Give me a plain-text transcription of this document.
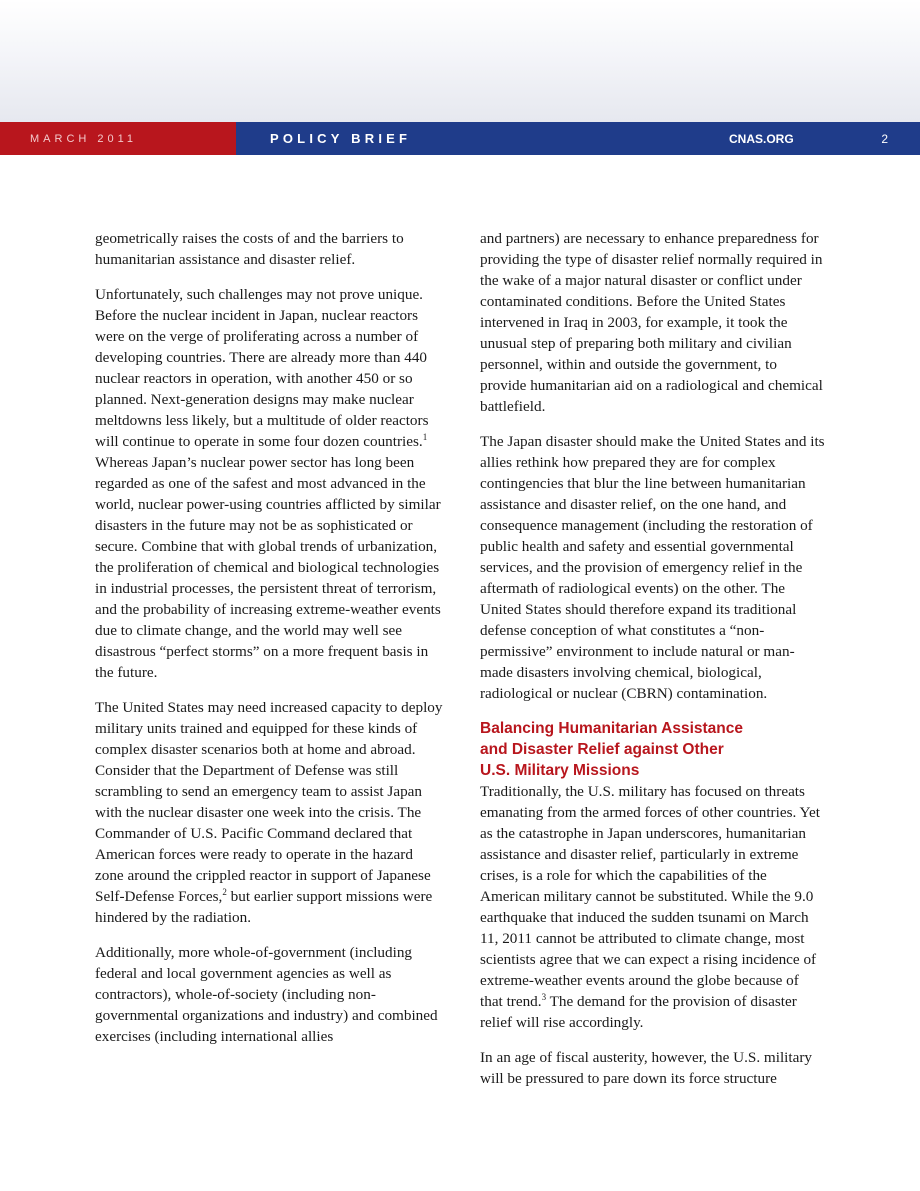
MARCH 2011	POLICY BRIEF	CNAS.ORG	2

geometrically raises the costs of and the barriers to humanitarian assistance and disaster relief.

Unfortunately, such challenges may not prove unique. Before the nuclear incident in Japan, nuclear reactors were on the verge of proliferating across a number of developing countries. There are already more than 440 nuclear reactors in operation, with another 450 or so planned. Next-generation designs may make nuclear meltdowns less likely, but a multitude of older reactors will continue to operate in some four dozen countries.$^1$ Whereas Japan’s nuclear power sector has long been regarded as one of the safest and most advanced in the world, nuclear power-using countries afflicted by similar disasters in the future may not be as sophisticated or secure. Combine that with global trends of urbanization, the proliferation of chemical and biological technologies in industrial processes, the persistent threat of terrorism, and the probability of increasing extreme-weather events due to climate change, and the world may well see disastrous “perfect storms” on a more frequent basis in the future.

The United States may need increased capacity to deploy military units trained and equipped for these kinds of complex disaster scenarios both at home and abroad. Consider that the Department of Defense was still scrambling to send an emergency team to assist Japan with the nuclear disaster one week into the crisis. The Commander of U.S. Pacific Command declared that American forces were ready to operate in the hazard zone around the crippled reactor in support of Japanese Self-Defense Forces,$^2$ but earlier support missions were hindered by the radiation.

Additionally, more whole-of-government (including federal and local government agencies as well as contractors), whole-of-society (including non-governmental organizations and industry) and combined exercises (including international allies

and partners) are necessary to enhance preparedness for providing the type of disaster relief normally required in the wake of a major natural disaster or conflict under contaminated conditions. Before the United States intervened in Iraq in 2003, for example, it took the unusual step of preparing both military and civilian personnel, within and outside the government, to provide humanitarian aid on a radiological and chemical battlefield.

The Japan disaster should make the United States and its allies rethink how prepared they are for complex contingencies that blur the line between humanitarian assistance and disaster relief, on the one hand, and consequence management (including the restoration of public health and safety and essential governmental services, and the provision of emergency relief in the aftermath of radiological events) on the other. The United States should therefore expand its traditional defense conception of what constitutes a “non-permissive” environment to include natural or man-made disasters involving chemical, biological, radiological or nuclear (CBRN) contamination.

Balancing Humanitarian Assistance
and Disaster Relief against Other
U.S. Military Missions

Traditionally, the U.S. military has focused on threats emanating from the armed forces of other countries. Yet as the catastrophe in Japan underscores, humanitarian assistance and disaster relief, particularly in extreme crises, is a role for which the capabilities of the American military cannot be substituted. While the 9.0 earthquake that induced the sudden tsunami on March 11, 2011 cannot be attributed to climate change, most scientists agree that we can expect a rising incidence of extreme-weather events around the globe because of that trend.$^3$ The demand for the provision of disaster relief will rise accordingly.

In an age of fiscal austerity, however, the U.S. military will be pressured to pare down its force structure
